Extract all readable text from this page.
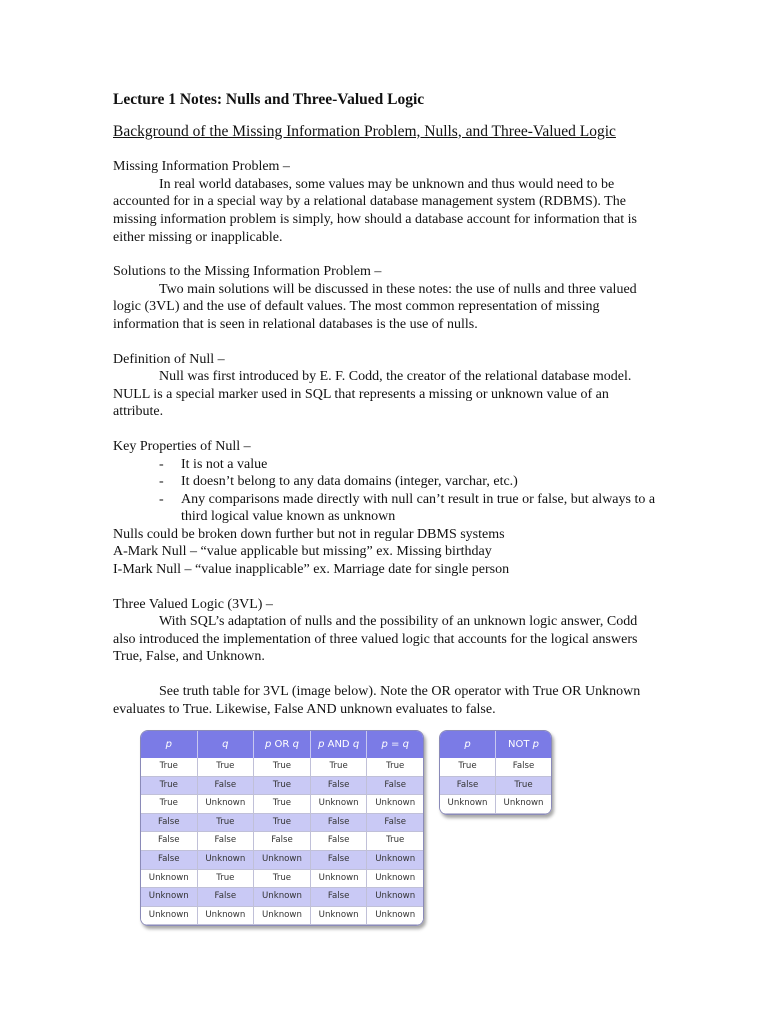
Lecture 1 Notes: Nulls and Three-Valued Logic

Background of the Missing Information Problem, Nulls, and Three-Valued Logic

Missing Information Problem –

In real world databases, some values may be unknown and thus would need to be accounted for in a special way by a relational database management system (RDBMS). The missing information problem is simply, how should a database account for information that is either missing or inapplicable.

Solutions to the Missing Information Problem –

Two main solutions will be discussed in these notes: the use of nulls and three valued logic (3VL) and the use of default values. The most common representation of missing information that is seen in relational databases is the use of nulls.

Definition of Null –

Null was first introduced by E. F. Codd, the creator of the relational database model. NULL is a special marker used in SQL that represents a missing or unknown value of an attribute.

Key Properties of Null –

- It is not a value
- It doesn’t belong to any data domains (integer, varchar, etc.)
- Any comparisons made directly with null can’t result in true or false, but always to a third logical value known as unknown

Nulls could be broken down further but not in regular DBMS systems

A-Mark Null – “value applicable but missing” ex. Missing birthday

I-Mark Null – “value inapplicable” ex. Marriage date for single person

Three Valued Logic (3VL) –

With SQL’s adaptation of nulls and the possibility of an unknown logic answer, Codd also introduced the implementation of three valued logic that accounts for the logical answers True, False, and Unknown.

See truth table for 3VL (image below). Note the OR operator with True OR Unknown evaluates to True. Likewise, False AND unknown evaluates to false.

p	q	p OR q	p AND q	p = q
True	True	True	True	True
True	False	True	False	False
True	Unknown	True	Unknown	Unknown
False	True	True	False	False
False	False	False	False	True
False	Unknown	Unknown	False	Unknown
Unknown	True	True	Unknown	Unknown
Unknown	False	Unknown	False	Unknown
Unknown	Unknown	Unknown	Unknown	Unknown
p	NOT p
True	False
False	True
Unknown	Unknown
